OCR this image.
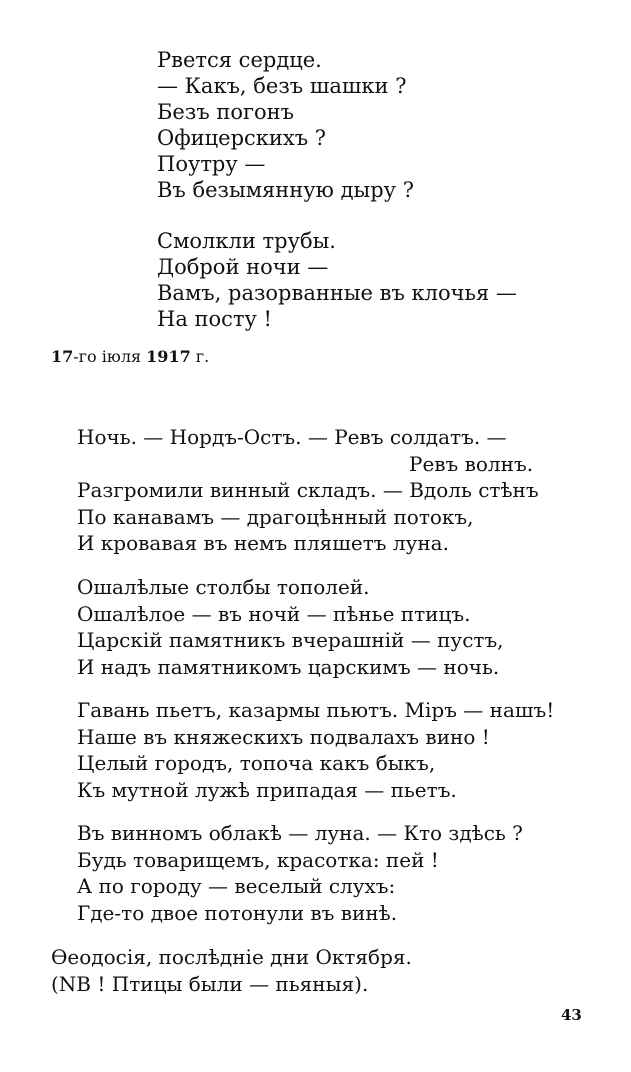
Рвется сердце.
— Какъ, безъ шашки ?
Безъ погонъ
Офицерскихъ ?
Поутру —
Въ безымянную дыру ?
Смолкли трубы.
Доброй ночи —
Вамъ, разорванные въ клочья —
На посту !
17-го іюля 1917 г.
Ночь. — Нордъ-Остъ. — Ревъ солдатъ. —
Ревъ волнъ.
Разгромили винный складъ. — Вдоль стѣнъ
По канавамъ — драгоцѣнный потокъ,
И кровавая въ немъ пляшетъ луна.
Ошалѣлые столбы тополей.
Ошалѣлое — въ ночй — пѣнье птицъ.
Царскій памятникъ вчерашній — пустъ,
И надъ памятникомъ царскимъ — ночь.
Гавань пьетъ, казармы пьютъ. Міръ — нашъ!
Наше въ княжескихъ подвалахъ вино !
Целый городъ, топоча какъ быкъ,
Къ мутной лужѣ припадая — пьетъ.
Въ винномъ облакѣ — луна. — Кто здѣсь ?
Будь товарищемъ, красотка: пей !
А по городу — веселый слухъ:
Где-то двое потонули въ винѣ.
Ѳеодосія, послѣдніе дни Октября.
(NB ! Птицы были — пьяныя).
43
